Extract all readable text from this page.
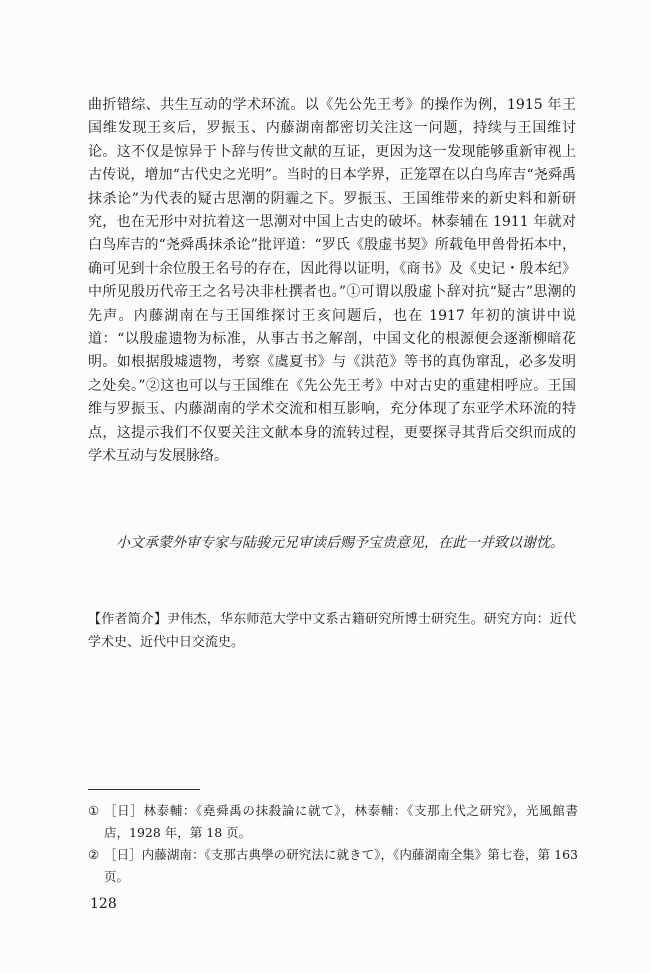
曲折错综、共生互动的学术环流。以《先公先王考》的操作为例，1915 年王国维发现王亥后，罗振玉、内藤湖南都密切关注这一问题，持续与王国维讨论。这不仅是惊异于卜辞与传世文献的互证，更因为这一发现能够重新审视上古传说，增加“古代史之光明”。当时的日本学界，正笼罩在以白鸟库吉“尧舜禹抹杀论”为代表的疑古思潮的阴霾之下。罗振玉、王国维带来的新史料和新研究，也在无形中对抗着这一思潮对中国上古史的破坏。林泰辅在 1911 年就对白鸟库吉的“尧舜禹抹杀论”批评道：“罗氏《殷虚书契》所载龟甲兽骨拓本中，确可见到十余位殷王名号的存在，因此得以证明，《商书》及《史记・殷本纪》中所见殷历代帝王之名号决非杜撰者也。”①可谓以殷虚卜辞对抗“疑古”思潮的先声。内藤湖南在与王国维探讨王亥问题后，也在 1917 年初的演讲中说道：“以殷虚遗物为标准，从事古书之解剖，中国文化的根源便会逐渐柳暗花明。如根据殷墟遗物，考察《虞夏书》与《洪范》等书的真伪窜乱，必多发明之处矣。”②这也可以与王国维在《先公先王考》中对古史的重建相呼应。王国维与罗振玉、内藤湖南的学术交流和相互影响，充分体现了东亚学术环流的特点，这提示我们不仅要关注文献本身的流转过程，更要探寻其背后交织而成的学术互动与发展脉络。

小文承蒙外审专家与陆骏元兄审读后赐予宝贵意见，在此一并致以谢忱。

【作者简介】尹伟杰，华东师范大学中文系古籍研究所博士研究生。研究方向：近代学术史、近代中日交流史。

① ［日］林泰輔：《堯舜禹の抹殺論に就て》，林泰輔：《支那上代之研究》，光風館書店，1928 年，第 18 页。
② ［日］内藤湖南：《支那古典學の研究法に就きて》，《内藤湖南全集》第七卷，第 163 页。
128
